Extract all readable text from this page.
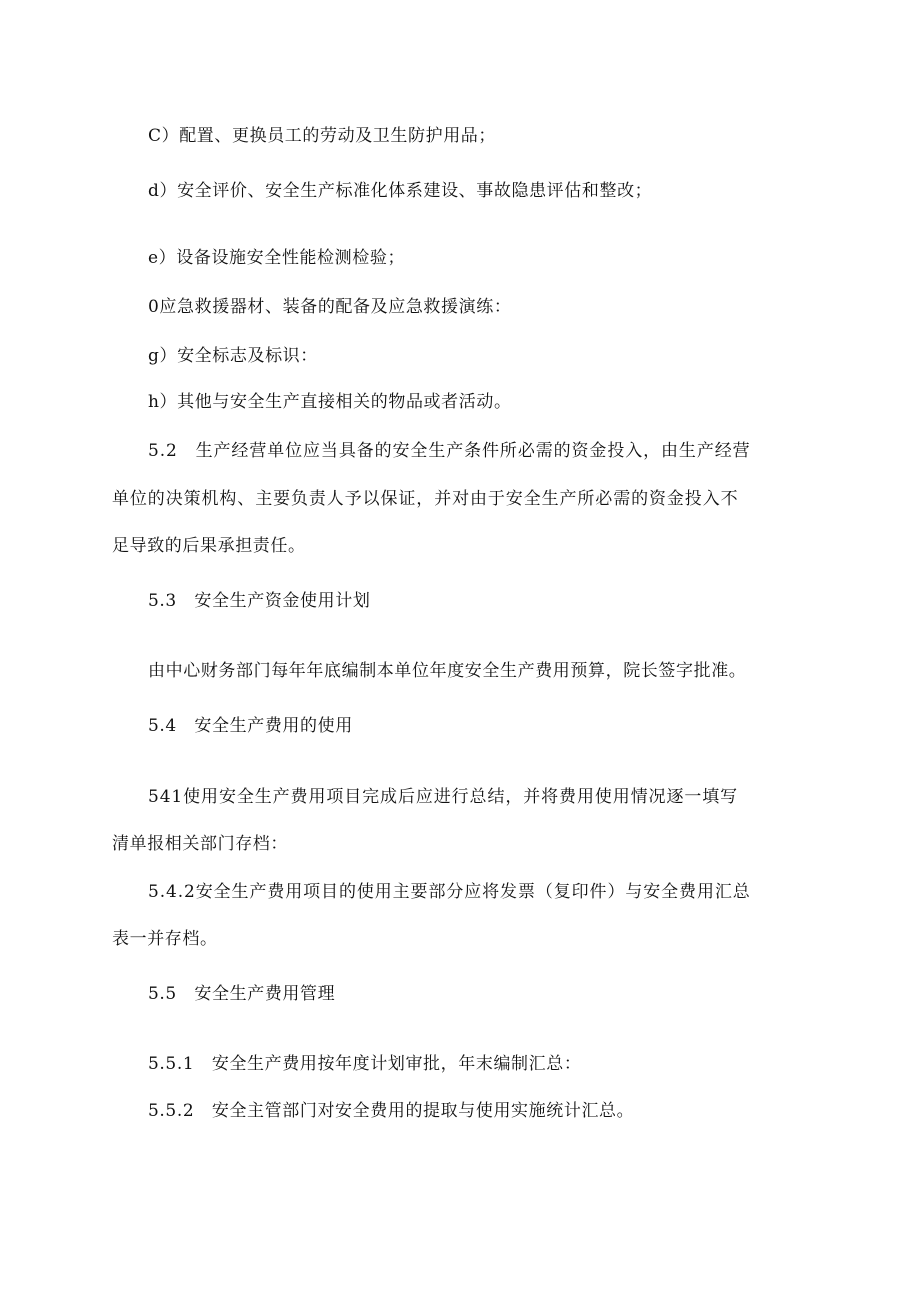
C）配置、更换员工的劳动及卫生防护用品；
d）安全评价、安全生产标准化体系建设、事故隐患评估和整改；
e）设备设施安全性能检测检验；
0应急救援器材、装备的配备及应急救援演练：
g）安全标志及标识：
h）其他与安全生产直接相关的物品或者活动。
5.2　生产经营单位应当具备的安全生产条件所必需的资金投入，由生产经营
单位的决策机构、主要负责人予以保证，并对由于安全生产所必需的资金投入不
足导致的后果承担责任。
5.3　安全生产资金使用计划
由中心财务部门每年年底编制本单位年度安全生产费用预算，院长签字批准。
5.4　安全生产费用的使用
541使用安全生产费用项目完成后应进行总结，并将费用使用情况逐一填写
清单报相关部门存档：
5.4.2安全生产费用项目的使用主要部分应将发票（复印件）与安全费用汇总
表一并存档。
5.5　安全生产费用管理
5.5.1　安全生产费用按年度计划审批，年末编制汇总：
5.5.2　安全主管部门对安全费用的提取与使用实施统计汇总。
